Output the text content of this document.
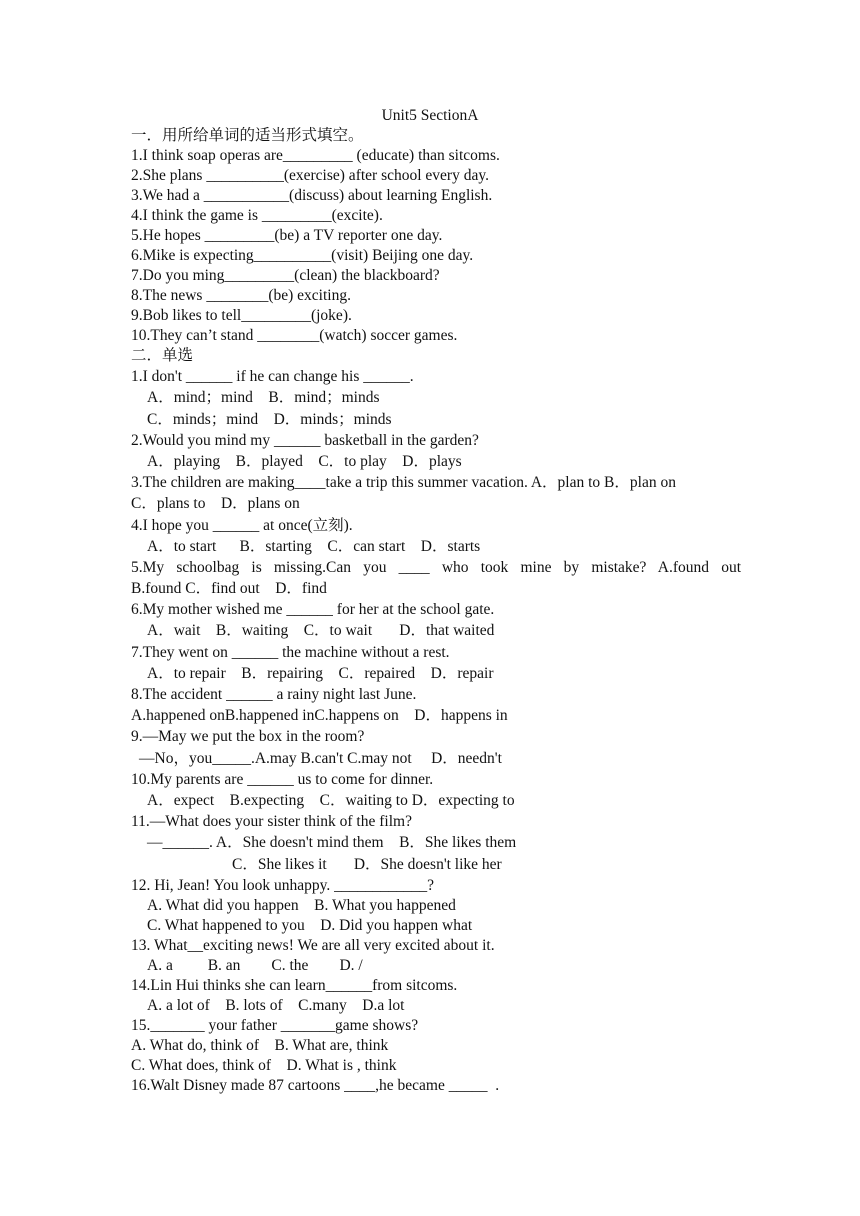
Unit5 SectionA
一．用所给单词的适当形式填空。
1.I think soap operas are_________ (educate) than sitcoms.
2.She plans __________(exercise) after school every day.
3.We had a ___________(discuss) about learning English.
4.I think the game is _________(excite).
5.He hopes _________(be) a TV reporter one day.
6.Mike is expecting__________(visit) Beijing one day.
7.Do you ming_________(clean) the blackboard?
8.The news ________(be) exciting.
9.Bob likes to tell_________(joke).
10.They can’t stand ________(watch) soccer games.
二．单选
1.I don't ______ if he can change his ______.
A．mind；mind    B．mind；minds
C．minds；mind    D．minds；minds
2.Would you mind my ______ basketball in the garden?
A．playing    B．played    C．to play    D．plays
3.The children are making____take a trip this summer vacation. A．plan to B．plan on
C．plans to    D．plans on
4.I hope you ______ at once(立刻).
A．to start      B．starting    C．can start    D．starts
5.My schoolbag is missing.Can you ____ who took mine by mistake? A.found out
B.found C．find out    D．find
6.My mother wished me ______ for her at the school gate.
A．wait    B．waiting    C．to wait       D．that waited
7.They went on ______ the machine without a rest.
A．to repair    B．repairing    C．repaired    D．repair
8.The accident ______ a rainy night last June.
A.happened onB.happened inC.happens on    D．happens in
9.—May we put the box in the room?
—No，you_____.A.may B.can't C.may not     D．needn't
10.My parents are ______ us to come for dinner.
A．expect    B.expecting    C．waiting to D．expecting to
11.—What does your sister think of the film?
—______. A．She doesn't mind them    B．She likes them
C．She likes it       D．She doesn't like her
12. Hi, Jean! You look unhappy. ____________?
A. What did you happen    B. What you happened
C. What happened to you    D. Did you happen what
13. What__exciting news! We are all very excited about it.
A. a         B. an        C. the        D. /
14.Lin Hui thinks she can learn______from sitcoms.
A. a lot of    B. lots of    C.many    D.a lot
15._______ your father _______game shows?
A. What do, think of    B. What are, think
C. What does, think of    D. What is , think
16.Walt Disney made 87 cartoons ____,he became _____  .
